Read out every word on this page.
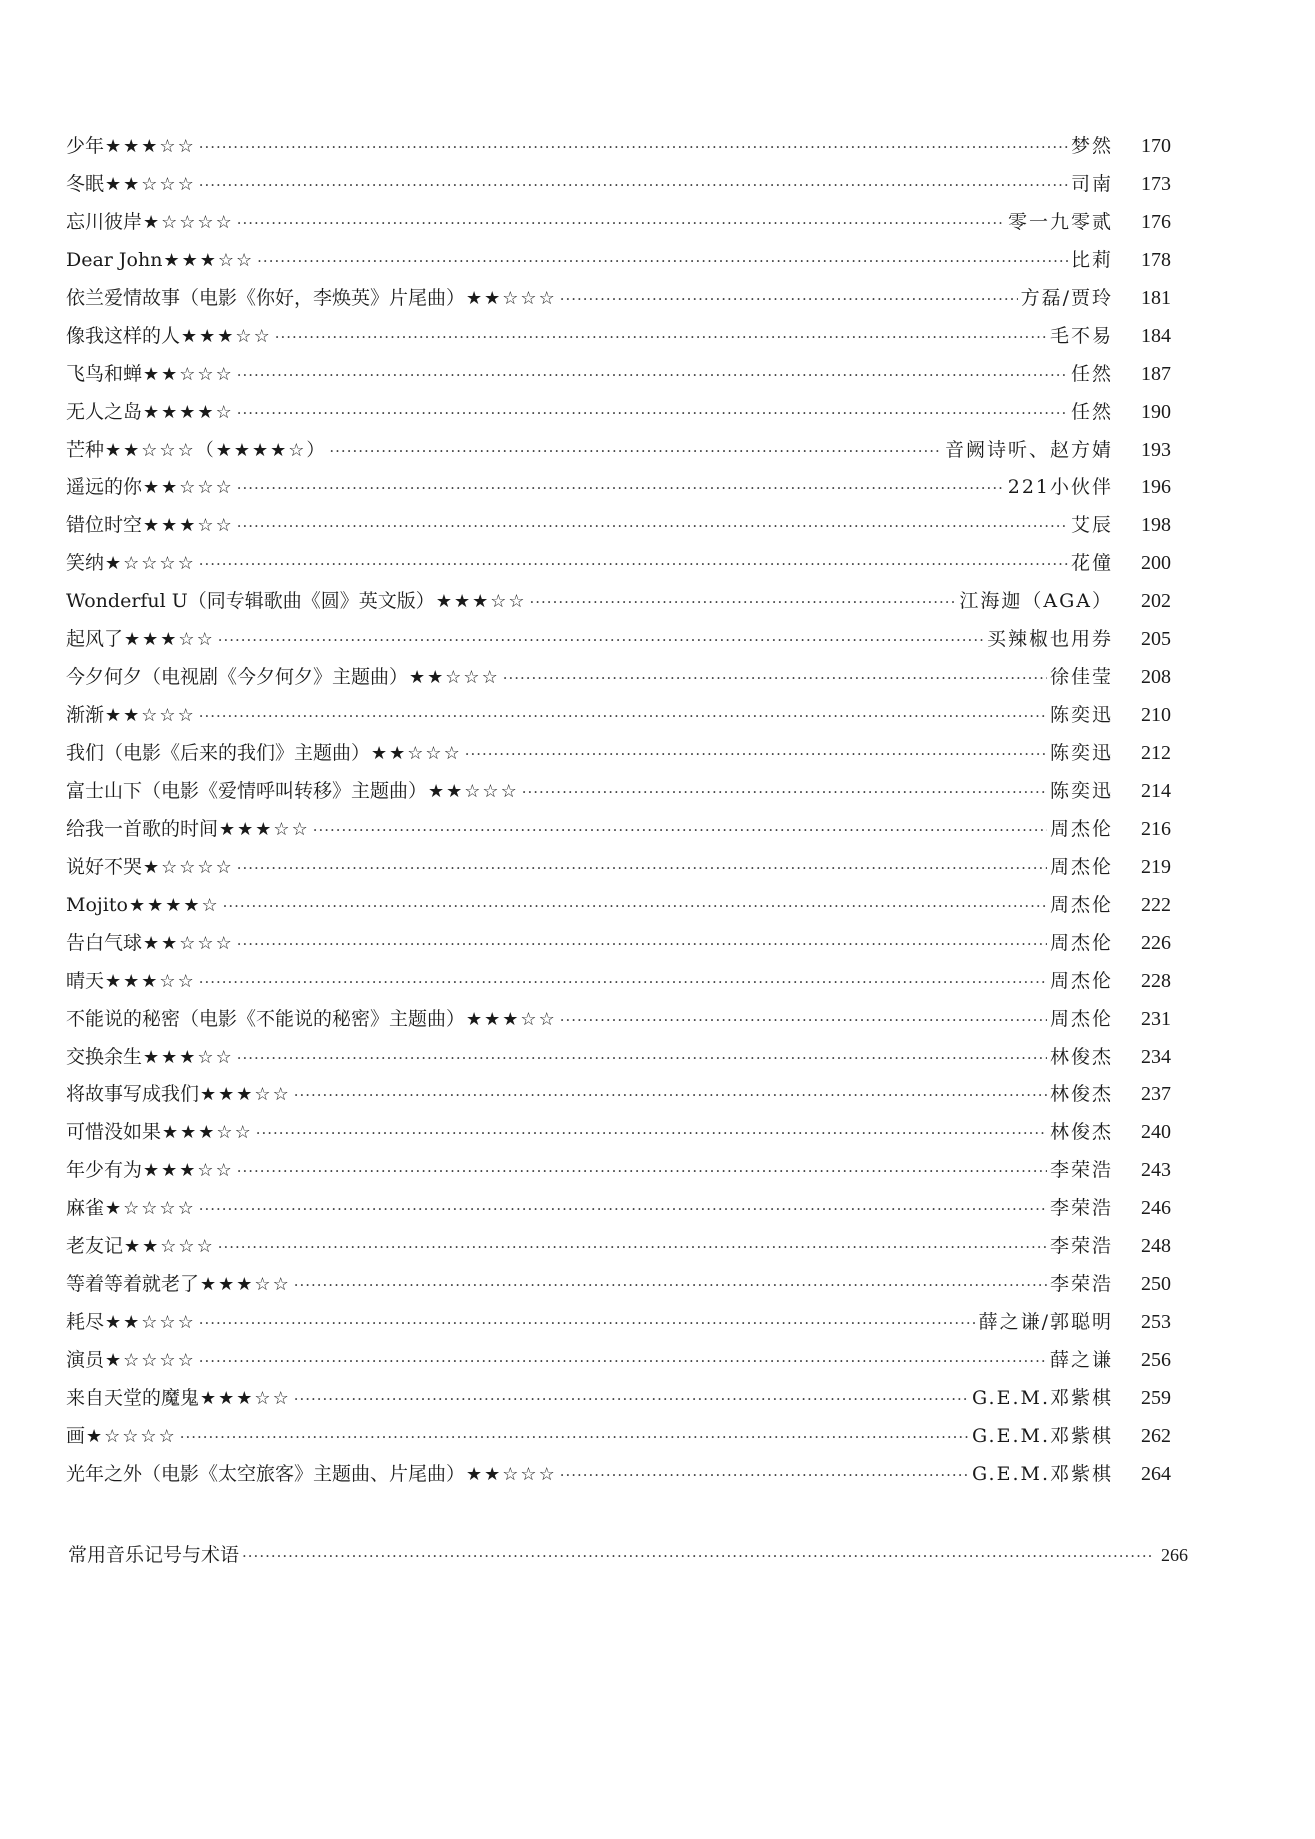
少年 ★★★☆☆ ·····	梦然	170
冬眠 ★★☆☆☆ ·····	司南	173
忘川彼岸 ★☆☆☆☆ ·····	零一九零贰	176
Dear John ★★★☆☆ ·····	比莉	178
依兰爱情故事（电影《你好，李焕英》片尾曲） ★★☆☆☆ ·····	方磊/贾玲	181
像我这样的人 ★★★☆☆ ·····	毛不易	184
飞鸟和蝉 ★★☆☆☆ ·····	任然	187
无人之岛 ★★★★☆ ·····	任然	190
芒种 ★★☆☆☆（★★★★☆） ·····	音阙诗听、赵方婧	193
遥远的你 ★★☆☆☆ ·····	221小伙伴	196
错位时空 ★★★☆☆ ·····	艾辰	198
笑纳 ★☆☆☆☆ ·····	花僮	200
Wonderful U（同专辑歌曲《圆》英文版） ★★★☆☆ ·····	江海迦（AGA）	202
起风了 ★★★☆☆ ·····	买辣椒也用券	205
今夕何夕（电视剧《今夕何夕》主题曲） ★★☆☆☆ ·····	徐佳莹	208
渐渐 ★★☆☆☆ ·····	陈奕迅	210
我们（电影《后来的我们》主题曲） ★★☆☆☆ ·····	陈奕迅	212
富士山下（电影《爱情呼叫转移》主题曲） ★★☆☆☆ ·····	陈奕迅	214
给我一首歌的时间 ★★★☆☆ ·····	周杰伦	216
说好不哭 ★☆☆☆☆ ·····	周杰伦	219
Mojito ★★★★☆ ·····	周杰伦	222
告白气球 ★★☆☆☆ ·····	周杰伦	226
晴天 ★★★☆☆ ·····	周杰伦	228
不能说的秘密（电影《不能说的秘密》主题曲） ★★★☆☆ ·····	周杰伦	231
交换余生 ★★★☆☆ ·····	林俊杰	234
将故事写成我们 ★★★☆☆ ·····	林俊杰	237
可惜没如果 ★★★☆☆ ·····	林俊杰	240
年少有为 ★★★☆☆ ·····	李荣浩	243
麻雀 ★☆☆☆☆ ·····	李荣浩	246
老友记 ★★☆☆☆ ·····	李荣浩	248
等着等着就老了 ★★★☆☆ ·····	李荣浩	250
耗尽 ★★☆☆☆ ·····	薛之谦/郭聪明	253
演员 ★☆☆☆☆ ·····	薛之谦	256
来自天堂的魔鬼 ★★★☆☆ ·····	G.E.M.邓紫棋	259
画 ★☆☆☆☆ ·····	G.E.M.邓紫棋	262
光年之外（电影《太空旅客》主题曲、片尾曲） ★★☆☆☆ ·····	G.E.M.邓紫棋	264
常用音乐记号与术语 ·····	266
